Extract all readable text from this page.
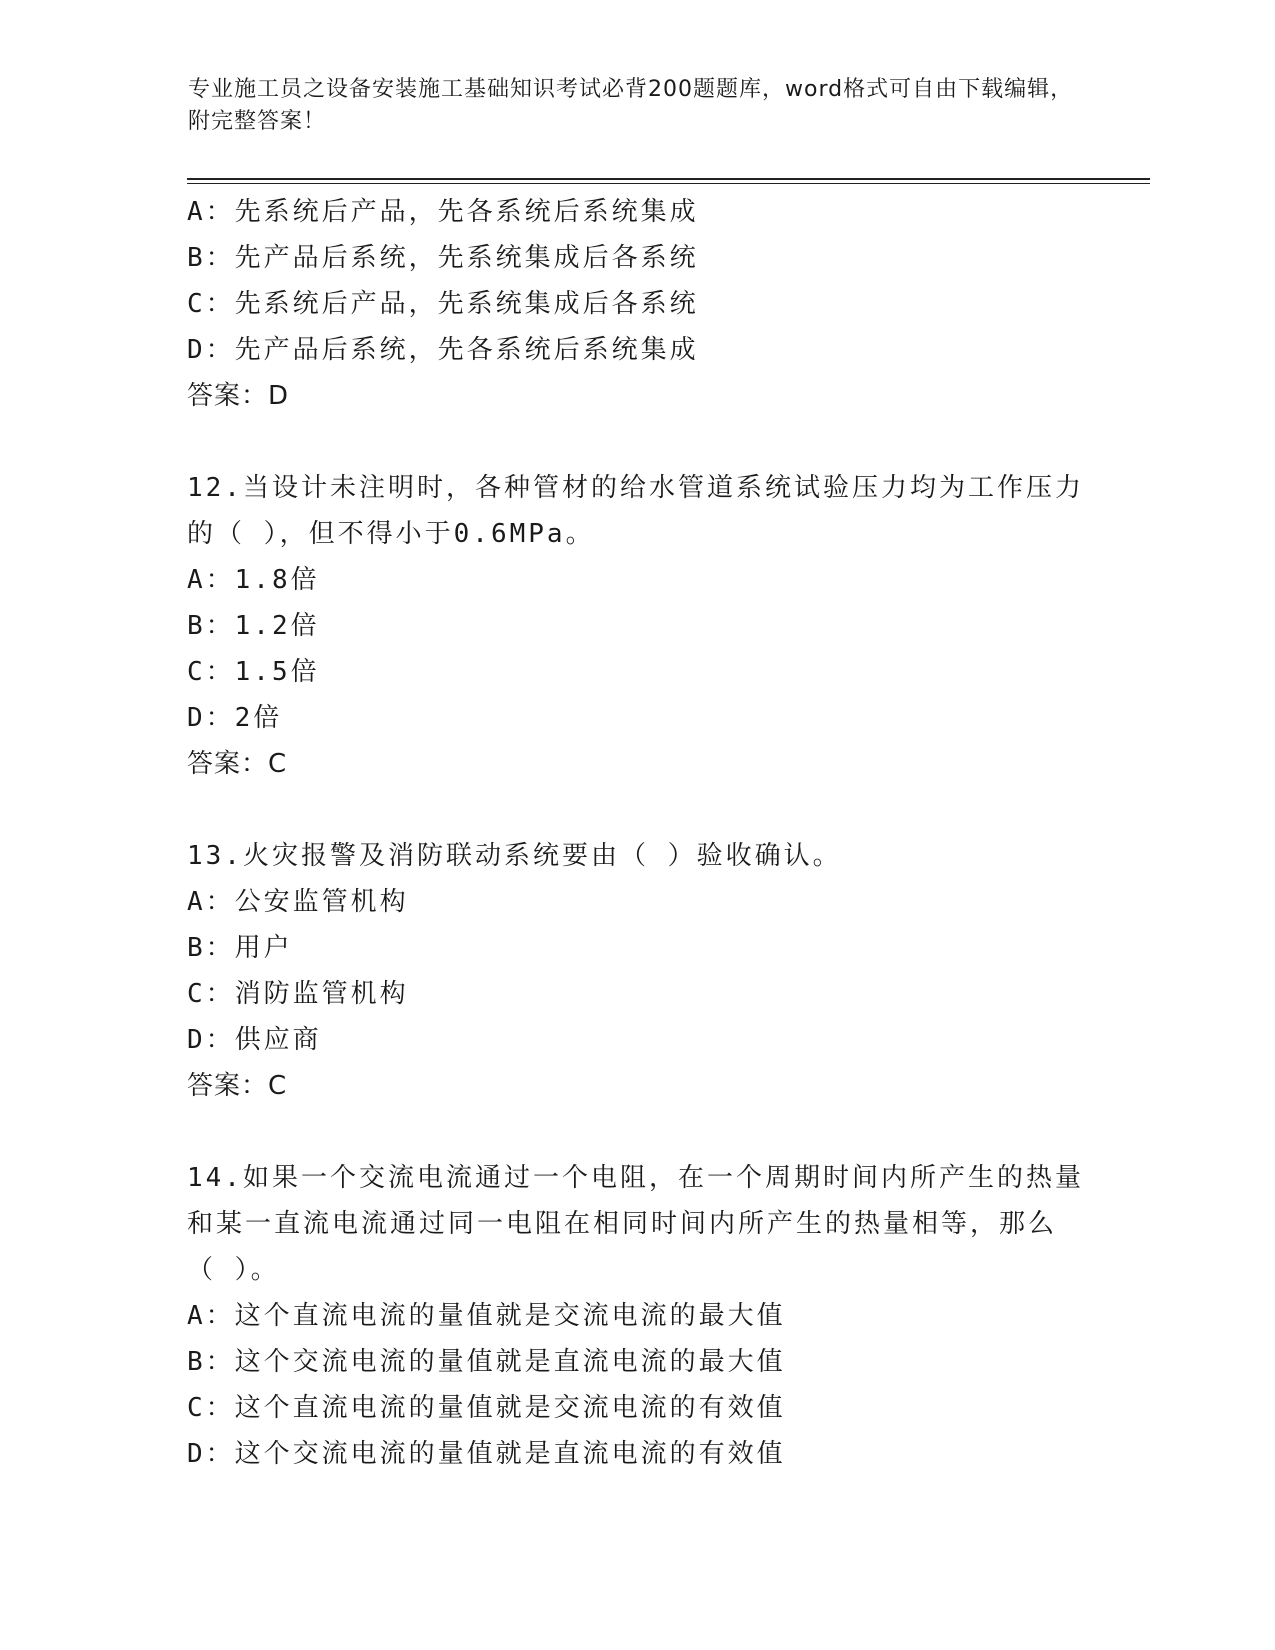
专业施工员之设备安装施工基础知识考试必背200题题库，word格式可自由下载编辑，附完整答案！
A：先系统后产品，先各系统后系统集成
B：先产品后系统，先系统集成后各系统
C：先系统后产品，先系统集成后各系统
D：先产品后系统，先各系统后系统集成
答案：D
12.当设计未注明时，各种管材的给水管道系统试验压力均为工作压力
的（ ），但不得小于0.6MPa。
A：1.8倍
B：1.2倍
C：1.5倍
D：2倍
答案：C
13.火灾报警及消防联动系统要由（ ）验收确认。
A：公安监管机构
B：用户
C：消防监管机构
D：供应商
答案：C
14.如果一个交流电流通过一个电阻，在一个周期时间内所产生的热量
和某一直流电流通过同一电阻在相同时间内所产生的热量相等，那么
（ ）。
A：这个直流电流的量值就是交流电流的最大值
B：这个交流电流的量值就是直流电流的最大值
C：这个直流电流的量值就是交流电流的有效值
D：这个交流电流的量值就是直流电流的有效值
